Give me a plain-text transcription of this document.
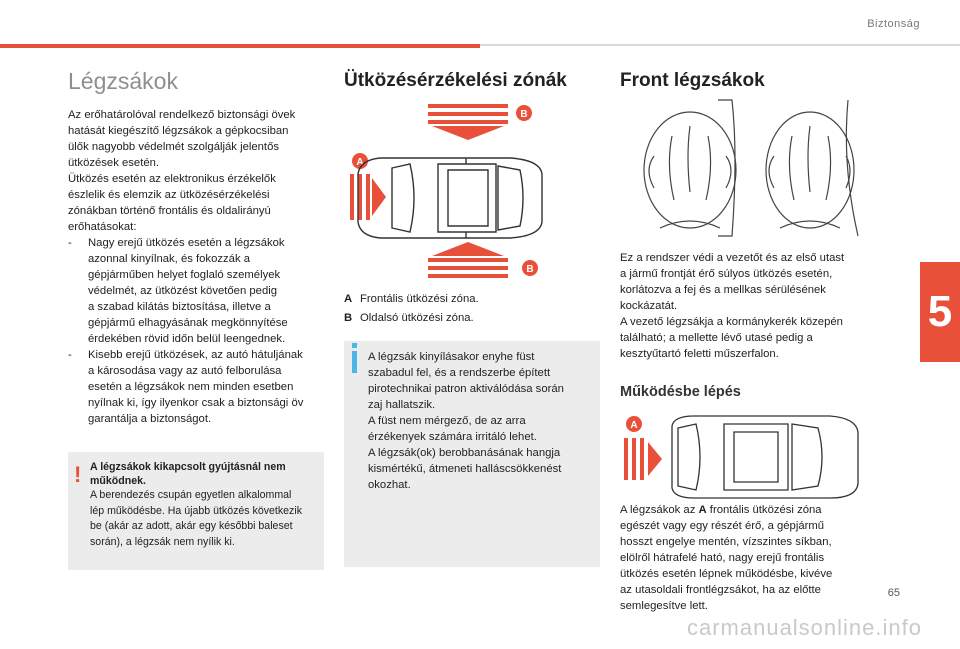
Biztonság
5
65
carmanualsonline.info
Légzsákok

Az erőhatárolóval rendelkező biztonsági övek
hatását kiegészítő légzsákok a gépkocsiban
ülők nagyobb védelmét szolgálják jelentős
ütközések esetén.
Ütközés esetén az elektronikus érzékelők
észlelik és elemzik az ütközésérzékelési
zónákban történő frontális és oldalirányú
erőhatásokat:

- Nagy erejű ütközés esetén a légzsákok
azonnal kinyílnak, és fokozzák a
gépjárműben helyet foglaló személyek
védelmét, az ütközést követően pedig
a szabad kilátás biztosítása, illetve a
gépjármű elhagyásának megkönnyítése
érdekében rövid időn belül leengednek.
- Kisebb erejű ütközések, az autó hátuljának
a károsodása vagy az autó felborulása
esetén a légzsákok nem minden esetben
nyílnak ki, így ilyenkor csak a biztonsági öv
garantálja a biztonságot.
! A légzsákok kikapcsolt gyújtásnál nem
működnek.
A berendezés csupán egyetlen alkalommal
lép működésbe. Ha újabb ütközés következik
be (akár az adott, akár egy későbbi baleset
során), a légzsák nem nyílik ki.
Ütközésérzékelési zónák
B
A
B
A Frontális ütközési zóna.
B Oldalsó ütközési zóna.

A légzsák kinyílásakor enyhe füst
szabadul fel, és a rendszerbe épített
pirotechnikai patron aktiválódása során
zaj hallatszik.
A füst nem mérgező, de az arra
érzékenyek számára irritáló lehet.
A légzsák(ok) berobbanásának hangja
kismértékű, átmeneti halláscsökkenést
okozhat.

Front légzsákok

Ez a rendszer védi a vezetőt és az első utast
a jármű frontját érő súlyos ütközés esetén,
korlátozva a fej és a mellkas sérülésének
kockázatát.
A vezető légzsákja a kormánykerék közepén
található; a mellette lévő utasé pedig a
kesztyűtartó feletti műszerfalon.

Működésbe lépés
A

A légzsákok az A frontális ütközési zóna
egészét vagy egy részét érő, a gépjármű
hosszt engelye mentén, vízszintes síkban,
elölről hátrafelé ható, nagy erejű frontális
ütközés esetén lépnek működésbe, kivéve
az utasoldali frontlégzsákot, ha az előtte
semlegesítve lett.
